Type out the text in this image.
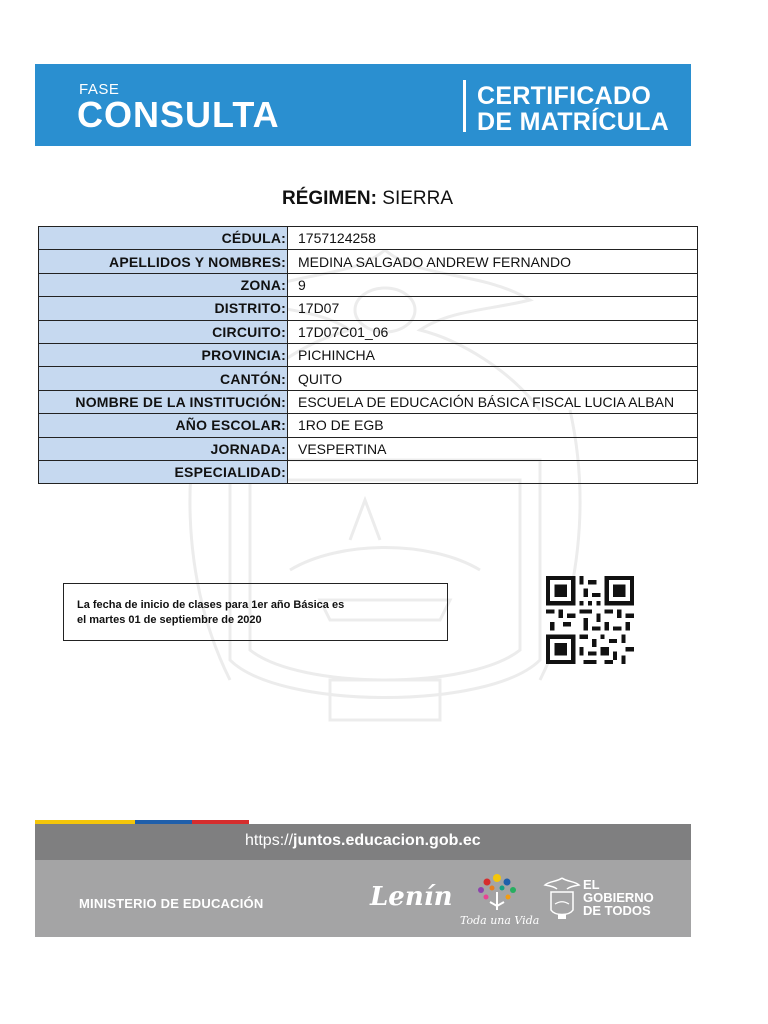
FASE
CONSULTA	CERTIFICADO
DE MATRÍCULA
RÉGIMEN: SIERRA
CÉDULA:	1757124258
APELLIDOS Y NOMBRES:	MEDINA SALGADO ANDREW FERNANDO
ZONA:	9
DISTRITO:	17D07
CIRCUITO:	17D07C01_06
PROVINCIA:	PICHINCHA
CANTÓN:	QUITO
NOMBRE DE LA INSTITUCIÓN:	ESCUELA DE EDUCACIÓN BÁSICA FISCAL LUCIA ALBAN
AÑO ESCOLAR:	1RO DE EGB
JORNADA:	VESPERTINA
ESPECIALIDAD:	
La fecha de inicio de clases para 1er año Básica es
el martes 01 de septiembre de 2020
https://juntos.educacion.gob.ec
MINISTERIO DE EDUCACIÓN	Lenín
Toda una Vida
EL
GOBIERNO
DE TODOS
